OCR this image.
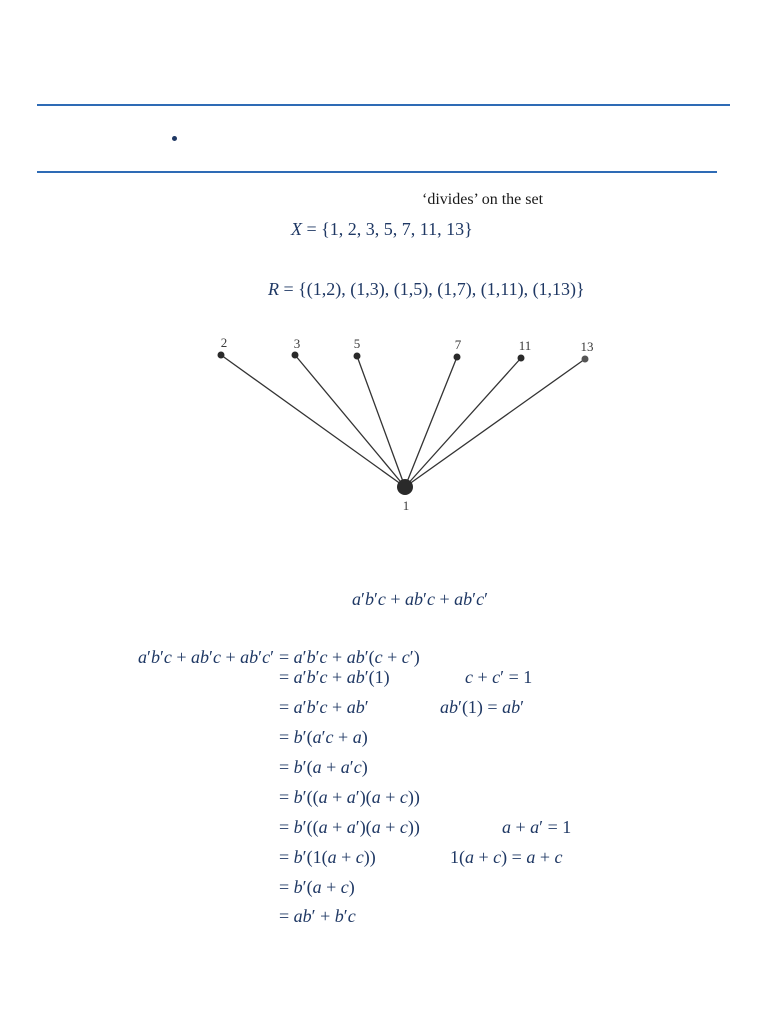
‘divides’ on the set
X = {1, 2, 3, 5, 7, 11, 13}
R = {(1,2), (1,3), (1,5), (1,7), (1,11), (1,13)}
2	3	5	7	11	13
1
a′b′c + ab′c + ab′c′
a′b′c + ab′c + ab′c′ = a′b′c + ab′(c + c′)
= a′b′c + ab′(1)	c + c′ = 1
= a′b′c + ab′	ab′(1) = ab′
= b′(a′c + a)
= b′(a + a′c)
= b′((a + a′)(a + c))
= b′((a + a′)(a + c))	a + a′ = 1
= b′(1(a + c))	1(a + c) = a + c
= b′(a + c)
= ab′ + b′c
